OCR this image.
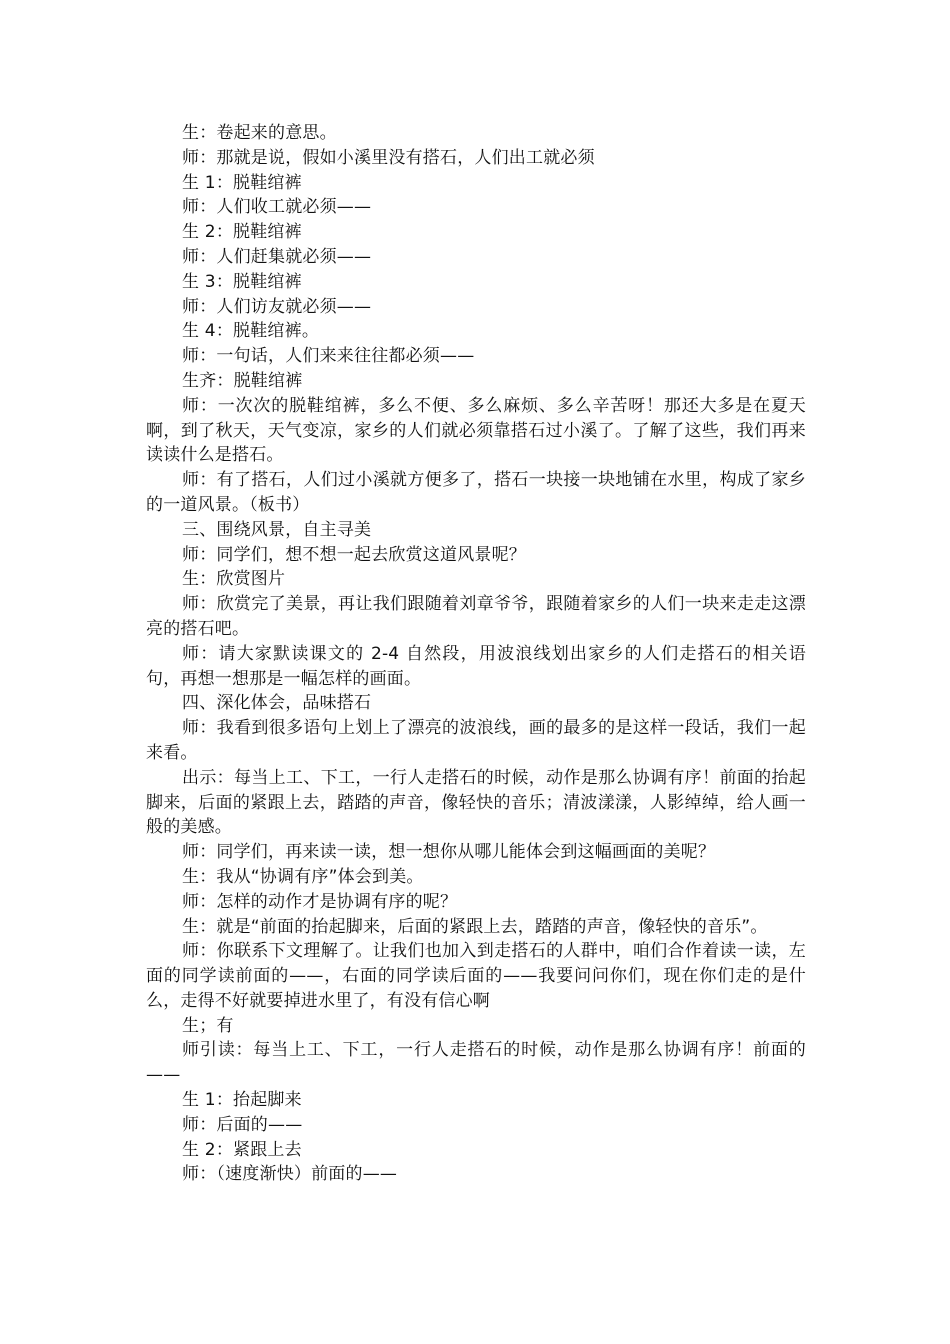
生：卷起来的意思。

师：那就是说，假如小溪里没有搭石，人们出工就必须

生 1：脱鞋绾裤

师：人们收工就必须——

生 2：脱鞋绾裤

师：人们赶集就必须——

生 3：脱鞋绾裤

师：人们访友就必须——

生 4：脱鞋绾裤。

师：一句话，人们来来往往都必须——

生齐：脱鞋绾裤

师：一次次的脱鞋绾裤，多么不便、多么麻烦、多么辛苦呀！那还大多是在夏天啊，到了秋天，天气变凉，家乡的人们就必须靠搭石过小溪了。了解了这些，我们再来读读什么是搭石。

师：有了搭石，人们过小溪就方便多了，搭石一块接一块地铺在水里，构成了家乡的一道风景。（板书）

三、围绕风景，自主寻美

师：同学们，想不想一起去欣赏这道风景呢？

生：欣赏图片

师：欣赏完了美景，再让我们跟随着刘章爷爷，跟随着家乡的人们一块来走走这漂亮的搭石吧。

师：请大家默读课文的 2-4 自然段，用波浪线划出家乡的人们走搭石的相关语句，再想一想那是一幅怎样的画面。

四、深化体会，品味搭石

师：我看到很多语句上划上了漂亮的波浪线，画的最多的是这样一段话，我们一起来看。

出示：每当上工、下工，一行人走搭石的时候，动作是那么协调有序！前面的抬起脚来，后面的紧跟上去，踏踏的声音，像轻快的音乐；清波漾漾，人影绰绰，给人画一般的美感。

师：同学们，再来读一读，想一想你从哪儿能体会到这幅画面的美呢？

生：我从“协调有序”体会到美。

师：怎样的动作才是协调有序的呢？

生：就是“前面的抬起脚来，后面的紧跟上去，踏踏的声音，像轻快的音乐”。

师：你联系下文理解了。让我们也加入到走搭石的人群中，咱们合作着读一读，左面的同学读前面的——，右面的同学读后面的——我要问问你们，现在你们走的是什么，走得不好就要掉进水里了，有没有信心啊

生；有

师引读：每当上工、下工，一行人走搭石的时候，动作是那么协调有序！前面的——

生 1：抬起脚来

师：后面的——

生 2：紧跟上去

师：（速度渐快）前面的——
